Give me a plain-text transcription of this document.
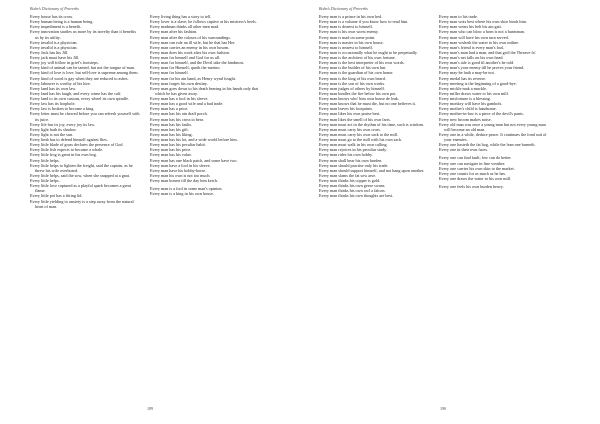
Bohn's Dictionary of Proverbs
Every house has its cross.
Every human being is a human being.
Every impediment is a benefit.
Every innovation startles us more by its novelty than it benefits us by its utility.
Every invalid is a physician.
Every invalid is a physician.
Every Jack has his Jill.
Every jack must have his Jill.
Every joy will follow in grief's footsteps.
Every kind of animal can be tamed, but not the tongue of man.
Every kind of love is love, but self-love is supreme among them.
Every kind of wood is gay when they are reduced to ashes.
Every labourer is worthy of his hire.
Every land has its own law.
Every land has his laugh, and every crime has the calf.
Every land to its own custom, every wheel its own spindle.
Every law has its loophole.
Every law is broken to become a king.
Every letter must be chewed before you can refresh yourself with its juice.
Every life has its joy, every joy its law.
Every light hath its shadow.
Every light is not the sun.
Every limb has to defend himself against flies.
Every little blade of grass declares the presence of God.
Every little fish expects to become a whale.
Every little frog is great in his own bog.
Every little helps.
Every little helps to lighten the freight, said the captain, as he threw his wife overboard.
Every little helps, said the sow, when she snapped at a gnat.
Every little helps.
Every little love captured as a playful spark becomes a great flame.
Every little pot has a fitting lid.
Every little yielding to anxiety is a step away from the natural heart of man.
Every living thing has a story to tell.
Every lover is a slave; he follows captive at his mistress's heels.
Every madman thinks all other men mad.
Every man after his fashion.
Every man after the colours of his surroundings.
Every man can rule an ill wife, but he that has Her.
Every man carries an enemy in his own bosom.
Every man does his work after his own fashion.
Every man for himself and God for us all.
Every man for himself, and the Devil take the hindmost.
Every man for Himself, quoth the merino.
Every man for himself.
Every man for his ain hand, as Henry wynd fought.
Every man forges his own destiny.
Every man goes down to his death bearing in his hands only that which he has given away.
Every man has a fool in his sleeve.
Every man has a good wife and a bad trade.
Every man has a price.
Every man has his ain draff porch.
Every man has his cross to bear.
Every man has his faults.
Every man has his gift.
Every man has his liking.
Every man has his lot, and a wide world before him.
Every man has his peculiar habit.
Every man has his price.
Every man has his value.
Every man has one black patch, and some have two.
Every man have a fool in his sleeve.
Every man have his hobby-horse.
Every man his own is not too much.
Every man honest till the day him ketch.
Every man is a fool in some man's opinion.
Every man is a king in his own house.
189
Bohn's Dictionary of Proverbs
Every man is a prince in his own bed.
Every man is a volume if you know how to read him.
Every man is dearest to himself.
Every man is his own worst enemy.
Every man is mad on some point.
Every man is master in his own house.
Every man is nearest to himself.
Every man is occasionally what he ought to be perpetually.
Every man is the architect of his own fortune.
Every man is the best interpreter of his own words.
Every man is the builder of his own hut.
Every man is the guardian of his own honor.
Every man is the king of his own beard.
Every man is the son of his own works.
Every man judges of others by himself.
Every man kindles the fire below his own pot.
Every man knows who' him own house de leak.
Every man knows that he must die, but no one believes it.
Every man leaves his footprints.
Every man likes his own praise best.
Every man likes the smell of his own farts.
Every man must act in the rhythm of his time, such is wisdom.
Every man must carry his own cross.
Every man must carry his own sack to the mill.
Every man must go to the mill with his own sack.
Every man must walk in his own calling.
Every man rejoices in his peculiar study.
Every man rides his own hobby.
Every man shall bear his own burden.
Every man should practise only his trade.
Every man should support himself, and not hang upon another.
Every man slams the fat sow arse.
Every man thinks his copper is gold.
Every man thinks his own geese swans.
Every man thinks his own owl a falcon.
Every man thinks his own thoughts are best.
Every man to his trade.
Every man wots best where his own shoe binds him.
Every man wears his belt his ain gait.
Every man who can blow a horn is not a huntsman.
Every man will have his own turn served.
Every man wisheth the water to his own miline.
Every man's friend is every man's fool.
Every man's man had a man, and that ga'd the Threave fa'.
Every man's net falls on his own head.
Every man's tale is good til another's be told.
Every man's your enemy till he proves your friend.
Every may-be hath a may-be not.
Every medal has its reverse.
Every meeting is the beginning of a good-bye.
Every mickle mak a muckle.
Every miller draws water to his own mill.
Every misfortune is a blessing.
Every monkey will have his gambols.
Every mother's child is handsome.
Every mother-in-law is a piece of the devil's pants.
Every new broom makes noise.
Every old man was once a young man but not every young man will become an old man.
Every one in a while, deduce peace. It continues the fond suit of your enemies.
Every one hasteth the fat hog, while the lean one burneth.
Every one in their own faces.
Every one can find fault; few can do better.
Every one can navigate in fine weather.
Every one carries his own skin to the market.
Every one counts for as much as he has.
Every one draws the water to his own mill.
Every one feels his own burden heavy.
190
